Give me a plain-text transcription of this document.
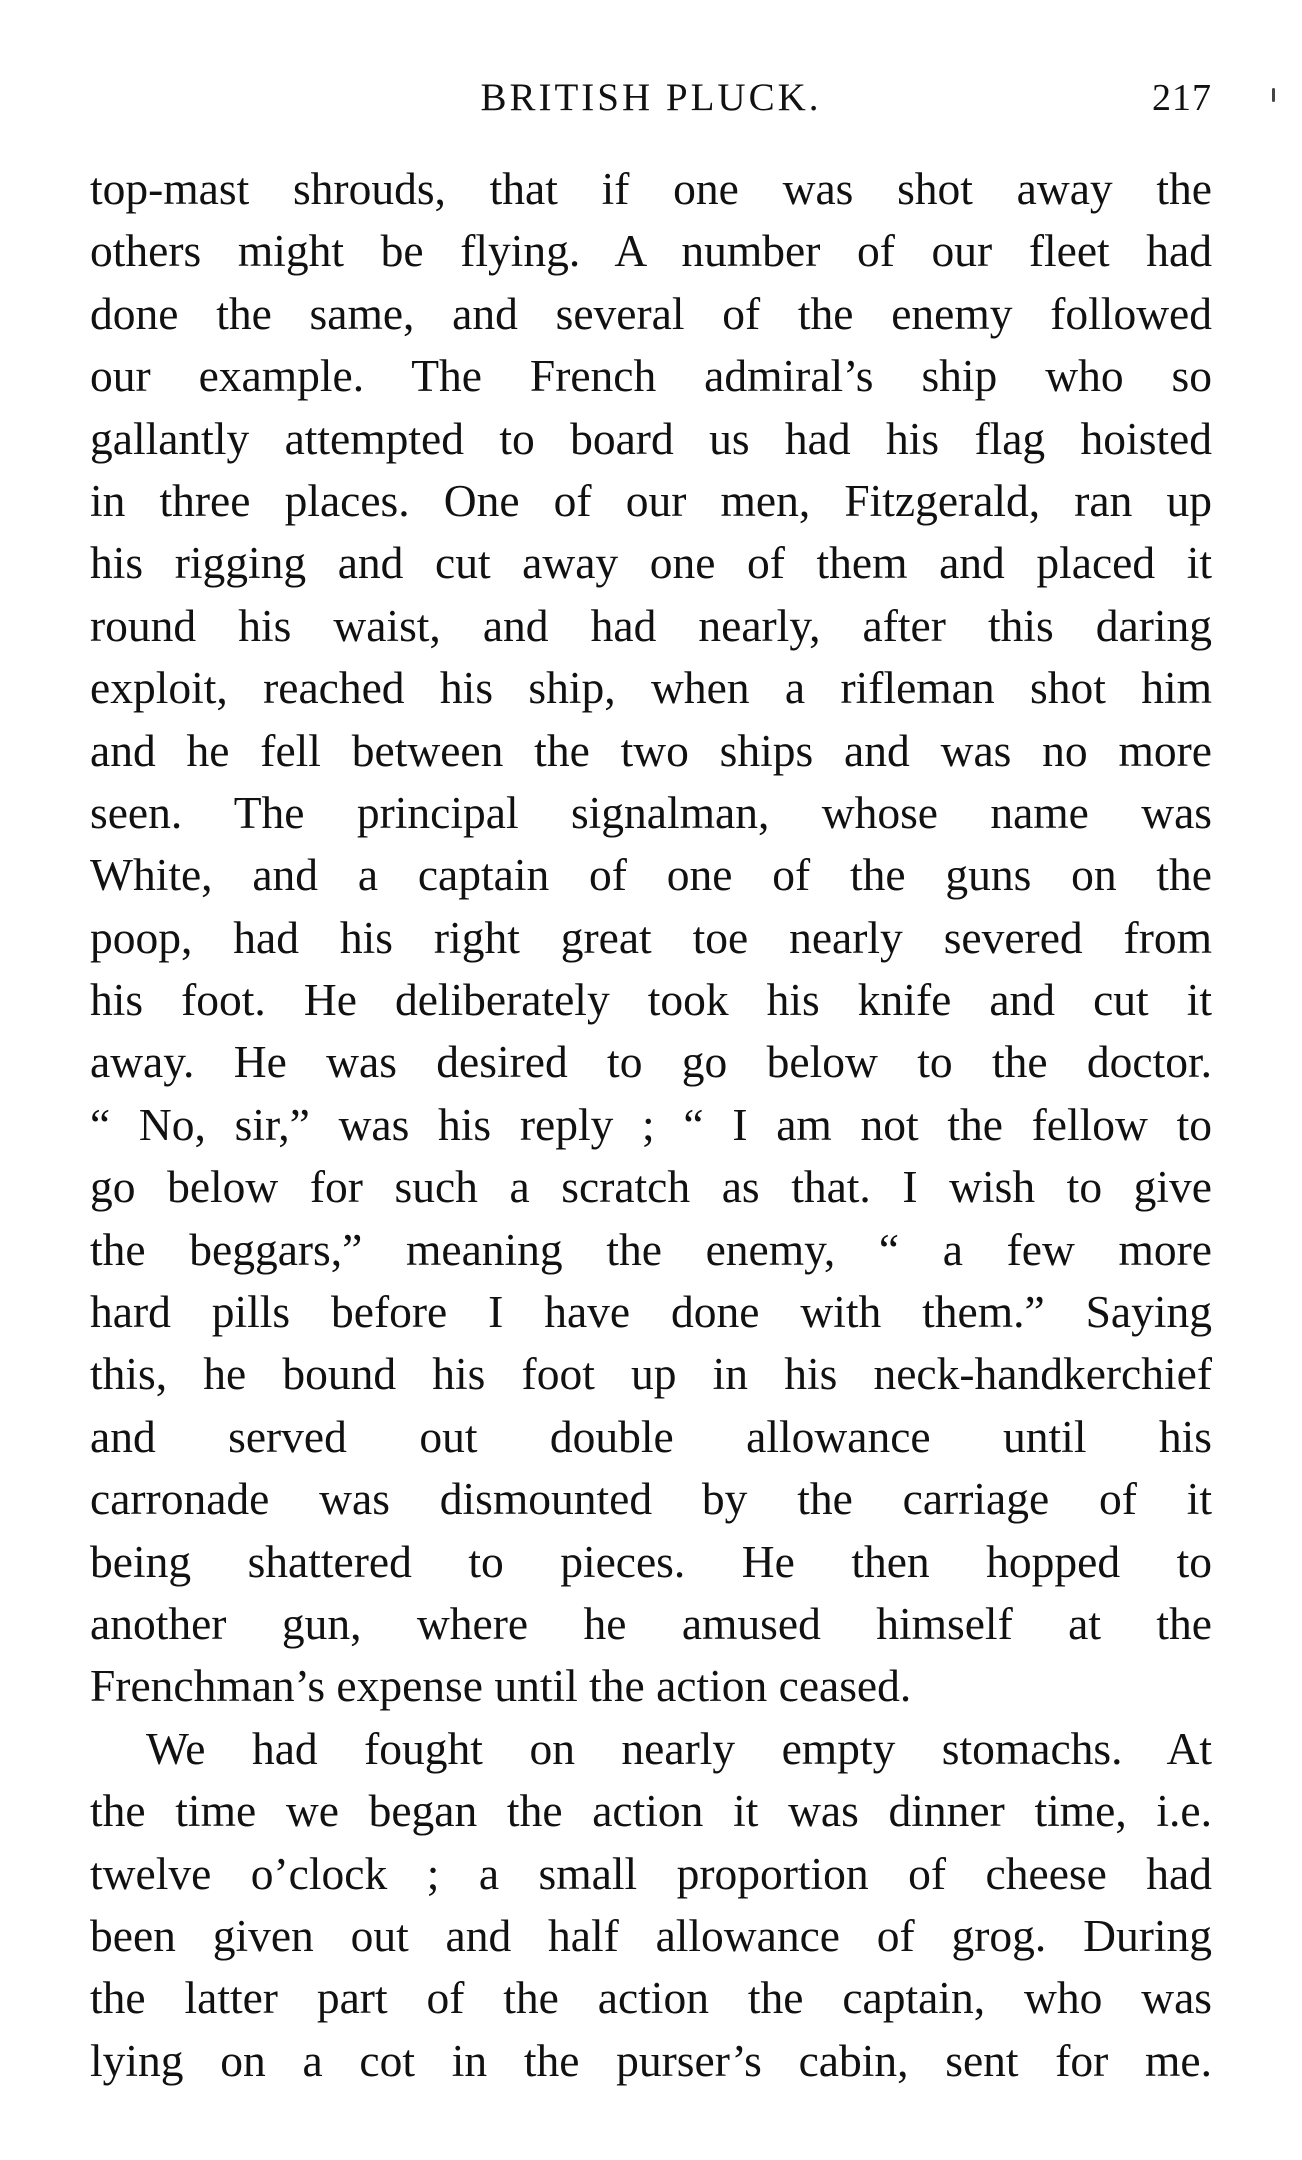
BRITISH PLUCK.	217
top-mast shrouds, that if one was shot away the
others might be flying. A number of our fleet had
done the same, and several of the enemy followed
our example. The French admiral’s ship who so
gallantly attempted to board us had his flag hoisted
in three places. One of our men, Fitzgerald, ran up
his rigging and cut away one of them and placed it
round his waist, and had nearly, after this daring
exploit, reached his ship, when a rifleman shot him
and he fell between the two ships and was no more
seen. The principal signalman, whose name was
White, and a captain of one of the guns on the
poop, had his right great toe nearly severed from
his foot. He deliberately took his knife and cut it
away. He was desired to go below to the doctor.
“ No, sir,” was his reply ; “ I am not the fellow to
go below for such a scratch as that. I wish to give
the beggars,” meaning the enemy, “ a few more
hard pills before I have done with them.” Saying
this, he bound his foot up in his neck-handkerchief
and served out double allowance until his
carronade was dismounted by the carriage of it
being shattered to pieces. He then hopped to
another gun, where he amused himself at the
Frenchman’s expense until the action ceased.
We had fought on nearly empty stomachs. At
the time we began the action it was dinner time, i.e.
twelve o’clock ; a small proportion of cheese had
been given out and half allowance of grog. During
the latter part of the action the captain, who was
lying on a cot in the purser’s cabin, sent for me.
